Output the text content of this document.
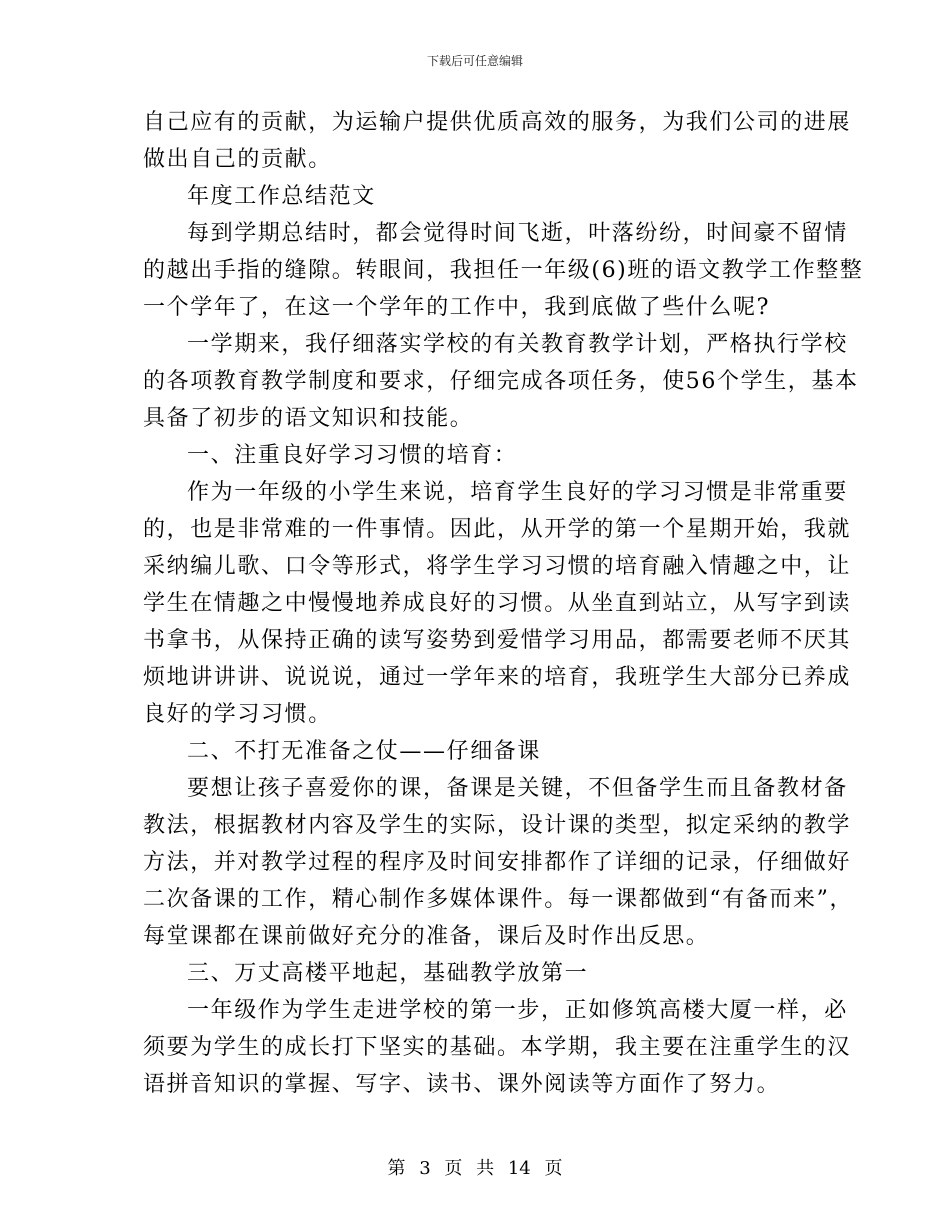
下载后可任意编辑
自己应有的贡献，为运输户提供优质高效的服务，为我们公司的进展
做出自己的贡献。
年度工作总结范文
每到学期总结时，都会觉得时间飞逝，叶落纷纷，时间豪不留情
的越出手指的缝隙。转眼间，我担任一年级(6)班的语文教学工作整整
一个学年了，在这一个学年的工作中，我到底做了些什么呢?
一学期来，我仔细落实学校的有关教育教学计划，严格执行学校
的各项教育教学制度和要求，仔细完成各项任务，使56个学生，基本
具备了初步的语文知识和技能。
一、注重良好学习习惯的培育：
作为一年级的小学生来说，培育学生良好的学习习惯是非常重要
的，也是非常难的一件事情。因此，从开学的第一个星期开始，我就
采纳编儿歌、口令等形式，将学生学习习惯的培育融入情趣之中，让
学生在情趣之中慢慢地养成良好的习惯。从坐直到站立，从写字到读
书拿书，从保持正确的读写姿势到爱惜学习用品，都需要老师不厌其
烦地讲讲讲、说说说，通过一学年来的培育，我班学生大部分已养成
良好的学习习惯。
二、不打无准备之仗——仔细备课
要想让孩子喜爱你的课，备课是关键，不但备学生而且备教材备
教法，根据教材内容及学生的实际，设计课的类型，拟定采纳的教学
方法，并对教学过程的程序及时间安排都作了详细的记录，仔细做好
二次备课的工作，精心制作多媒体课件。每一课都做到“有备而来”，
每堂课都在课前做好充分的准备，课后及时作出反思。
三、万丈高楼平地起，基础教学放第一
一年级作为学生走进学校的第一步，正如修筑高楼大厦一样，必
须要为学生的成长打下坚实的基础。本学期，我主要在注重学生的汉
语拼音知识的掌握、写字、读书、课外阅读等方面作了努力。
第 3 页 共 14 页
